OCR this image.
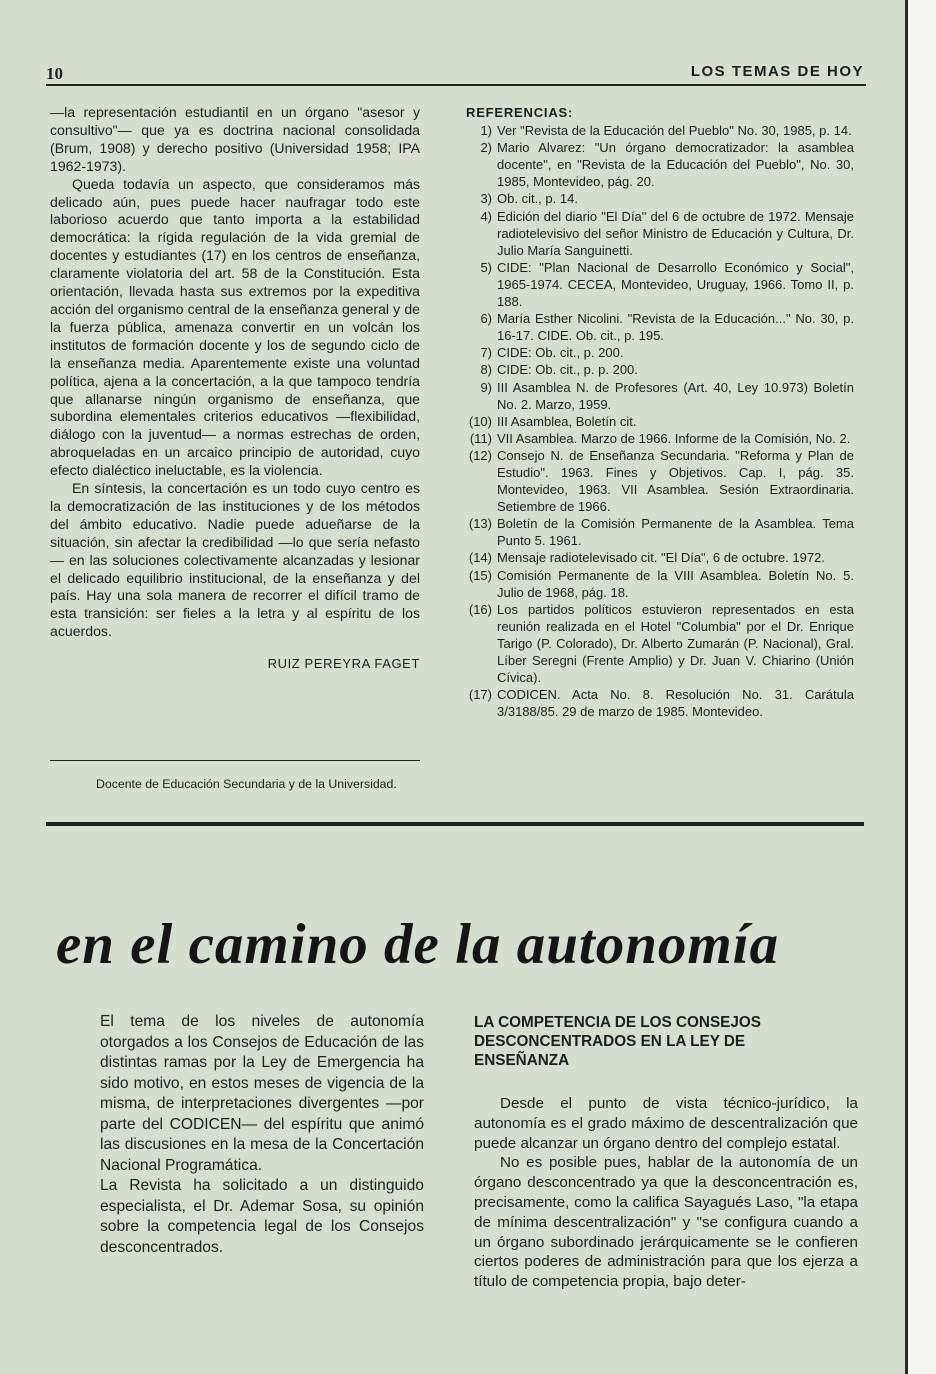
10	LOS TEMAS DE HOY

—la representación estudiantil en un órgano "asesor y consultivo"— que ya es doctrina nacional consolidada (Brum, 1908) y derecho positivo (Universidad 1958; IPA 1962-1973).

Queda todavía un aspecto, que consideramos más delicado aún, pues puede hacer naufragar todo este laborioso acuerdo que tanto importa a la estabilidad democrática: la rígida regulación de la vida gremial de docentes y estudiantes (17) en los centros de enseñanza, claramente violatoria del art. 58 de la Constitución. Esta orientación, llevada hasta sus extremos por la expeditiva acción del organismo central de la enseñanza general y de la fuerza pública, amenaza convertir en un volcán los institutos de formación docente y los de segundo ciclo de la enseñanza media. Aparentemente existe una voluntad política, ajena a la concertación, a la que tampoco tendría que allanarse ningún organismo de enseñanza, que subordina elementales criterios educativos —flexibilidad, diálogo con la juventud— a normas estrechas de orden, abroqueladas en un arcaico principio de autoridad, cuyo efecto dialéctico ineluctable, es la violencia.

En síntesis, la concertación es un todo cuyo centro es la democratización de las instituciones y de los métodos del ámbito educativo. Nadie puede adueñarse de la situación, sin afectar la credibilidad —lo que sería nefasto— en las soluciones colectivamente alcanzadas y lesionar el delicado equilibrio institucional, de la enseñanza y del país. Hay una sola manera de recorrer el difícil tramo de esta transición: ser fieles a la letra y al espíritu de los acuerdos.

RUIZ PEREYRA FAGET
Docente de Educación Secundaria y de la Universidad.
REFERENCIAS:
1) Ver "Revista de la Educación del Pueblo" No. 30, 1985, p. 14.
2) Mario Alvarez: "Un órgano democratizador: la asamblea docente", en "Revista de la Educación del Pueblo", No. 30, 1985, Montevideo, pág. 20.
3) Ob. cit., p. 14.
4) Edición del diario "El Día" del 6 de octubre de 1972. Mensaje radiotelevisivo del señor Ministro de Educación y Cultura, Dr. Julio María Sanguinetti.
5) CIDE: "Plan Nacional de Desarrollo Económico y Social", 1965-1974. CECEA, Montevideo, Uruguay, 1966. Tomo II, p. 188.
6) María Esther Nicolini. "Revista de la Educación..." No. 30, p. 16-17. CIDE. Ob. cit., p. 195.
7) CIDE: Ob. cit., p. 200.
8) CIDE: Ob. cit., p. p. 200.
9) III Asamblea N. de Profesores (Art. 40, Ley 10.973) Boletín No. 2. Marzo, 1959.
(10) III Asamblea, Boletín cit.
(11) VII Asamblea. Marzo de 1966. Informe de la Comisión, No. 2.
(12) Consejo N. de Enseñanza Secundaria. "Reforma y Plan de Estudio". 1963. Fines y Objetivos. Cap. I, pág. 35. Montevideo, 1963. VII Asamblea. Sesión Extraordinaria. Setiembre de 1966.
(13) Boletín de la Comisión Permanente de la Asamblea. Tema Punto 5. 1961.
(14) Mensaje radiotelevisado cit. "El Día", 6 de octubre. 1972.
(15) Comisión Permanente de la VIII Asamblea. Boletín No. 5. Julio de 1968, pág. 18.
(16) Los partidos políticos estuvieron representados en esta reunión realizada en el Hotel "Columbia" por el Dr. Enrique Tarigo (P. Colorado), Dr. Alberto Zumarán (P. Nacional), Gral. Líber Seregni (Frente Amplio) y Dr. Juan V. Chiarino (Unión Cívica).
(17) CODICEN. Acta No. 8. Resolución No. 31. Carátula 3/3188/85. 29 de marzo de 1985. Montevideo.
en el camino de la autonomía

El tema de los niveles de autonomía otorgados a los Consejos de Educación de las distintas ramas por la Ley de Emergencia ha sido motivo, en estos meses de vigencia de la misma, de interpretaciones divergentes —por parte del CODICEN— del espíritu que animó las discusiones en la mesa de la Concertación Nacional Programática.

La Revista ha solicitado a un distinguido especialista, el Dr. Ademar Sosa, su opinión sobre la competencia legal de los Consejos desconcentrados.

LA COMPETENCIA DE LOS CONSEJOS DESCONCENTRADOS EN LA LEY DE ENSEÑANZA

Desde el punto de vista técnico-jurídico, la autonomía es el grado máximo de descentralización que puede alcanzar un órgano dentro del complejo estatal.

No es posible pues, hablar de la autonomía de un órgano desconcentrado ya que la desconcentración es, precisamente, como la califica Sayagués Laso, "la etapa de mínima descentralización" y "se configura cuando a un órgano subordinado jerárquicamente se le confieren ciertos poderes de administración para que los ejerza a título de competencia propia, bajo deter-
